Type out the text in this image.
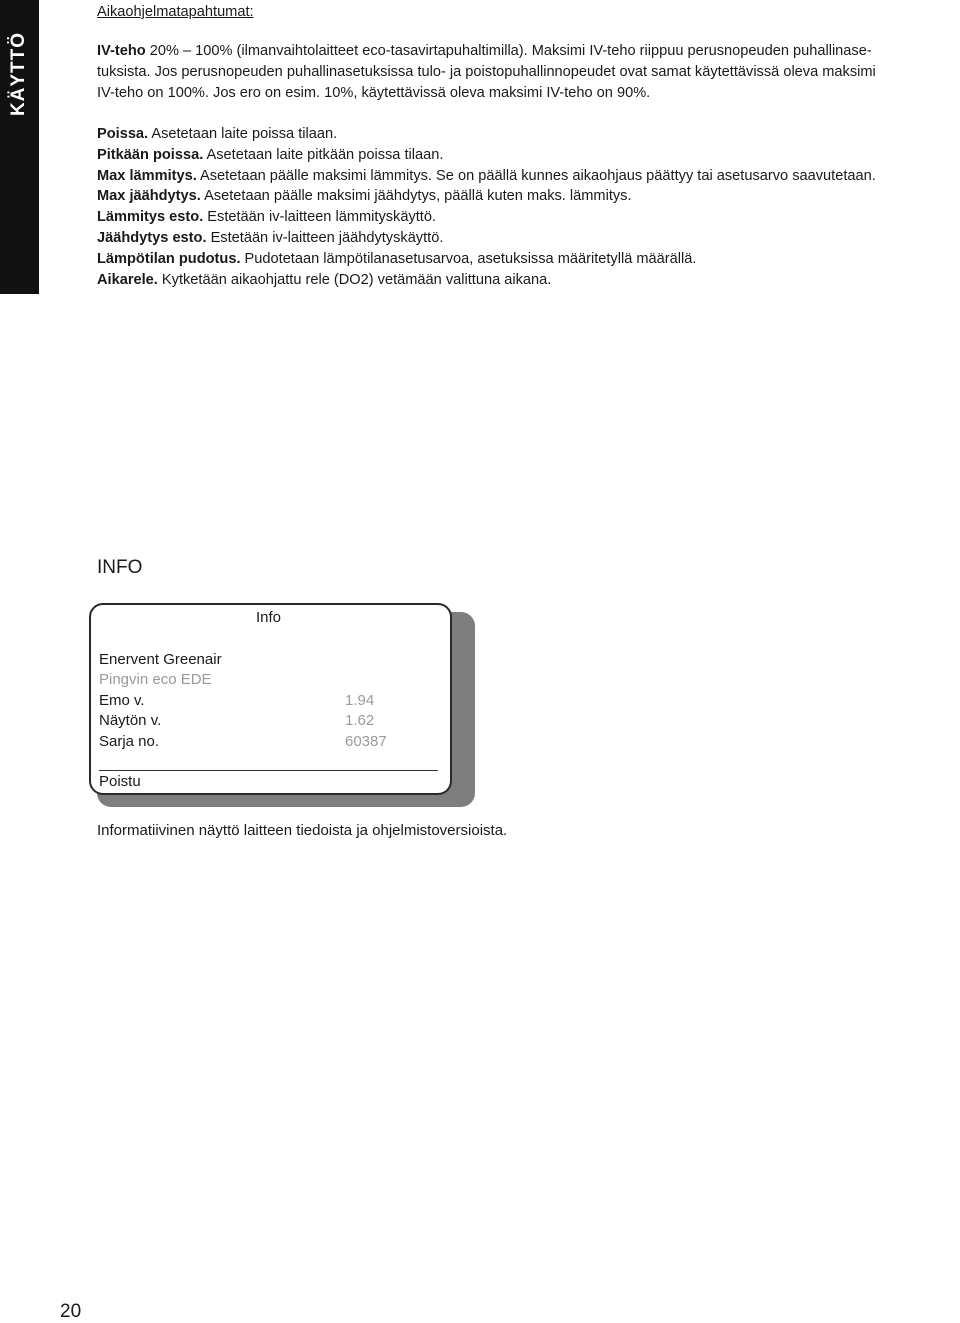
KÄYTTÖ
Aikaohjelmatapahtumat:
IV-teho 20% – 100% (ilmanvaihtolaitteet eco-tasavirtapuhaltimilla). Maksimi IV-teho riippuu perusnopeuden puhallinase-
tuksista. Jos perusnopeuden puhallinasetuksissa tulo- ja poistopuhallinnopeudet ovat samat käytettävissä oleva maksimi
IV-teho on 100%. Jos ero on esim. 10%, käytettävissä oleva maksimi IV-teho on 90%.
Poissa. Asetetaan laite poissa tilaan.
Pitkään poissa. Asetetaan laite pitkään poissa tilaan.
Max lämmitys. Asetetaan päälle maksimi lämmitys. Se on päällä kunnes aikaohjaus päättyy tai asetusarvo saavutetaan.
Max jäähdytys. Asetetaan päälle maksimi jäähdytys, päällä kuten maks. lämmitys.
Lämmitys esto. Estetään iv-laitteen lämmityskäyttö.
Jäähdytys esto. Estetään iv-laitteen jäähdytyskäyttö.
Lämpötilan pudotus. Pudotetaan lämpötilanasetusarvoa, asetuksissa määritetyllä määrällä.
Aikarele. Kytketään aikaohjattu rele (DO2) vetämään valittuna aikana.
INFO
Info
Enervent Greenair
Pingvin eco EDE
Emo v.	1.94
Näytön v.	1.62
Sarja no.	60387
Poistu
Informatiivinen näyttö laitteen tiedoista ja ohjelmistoversioista.
20
